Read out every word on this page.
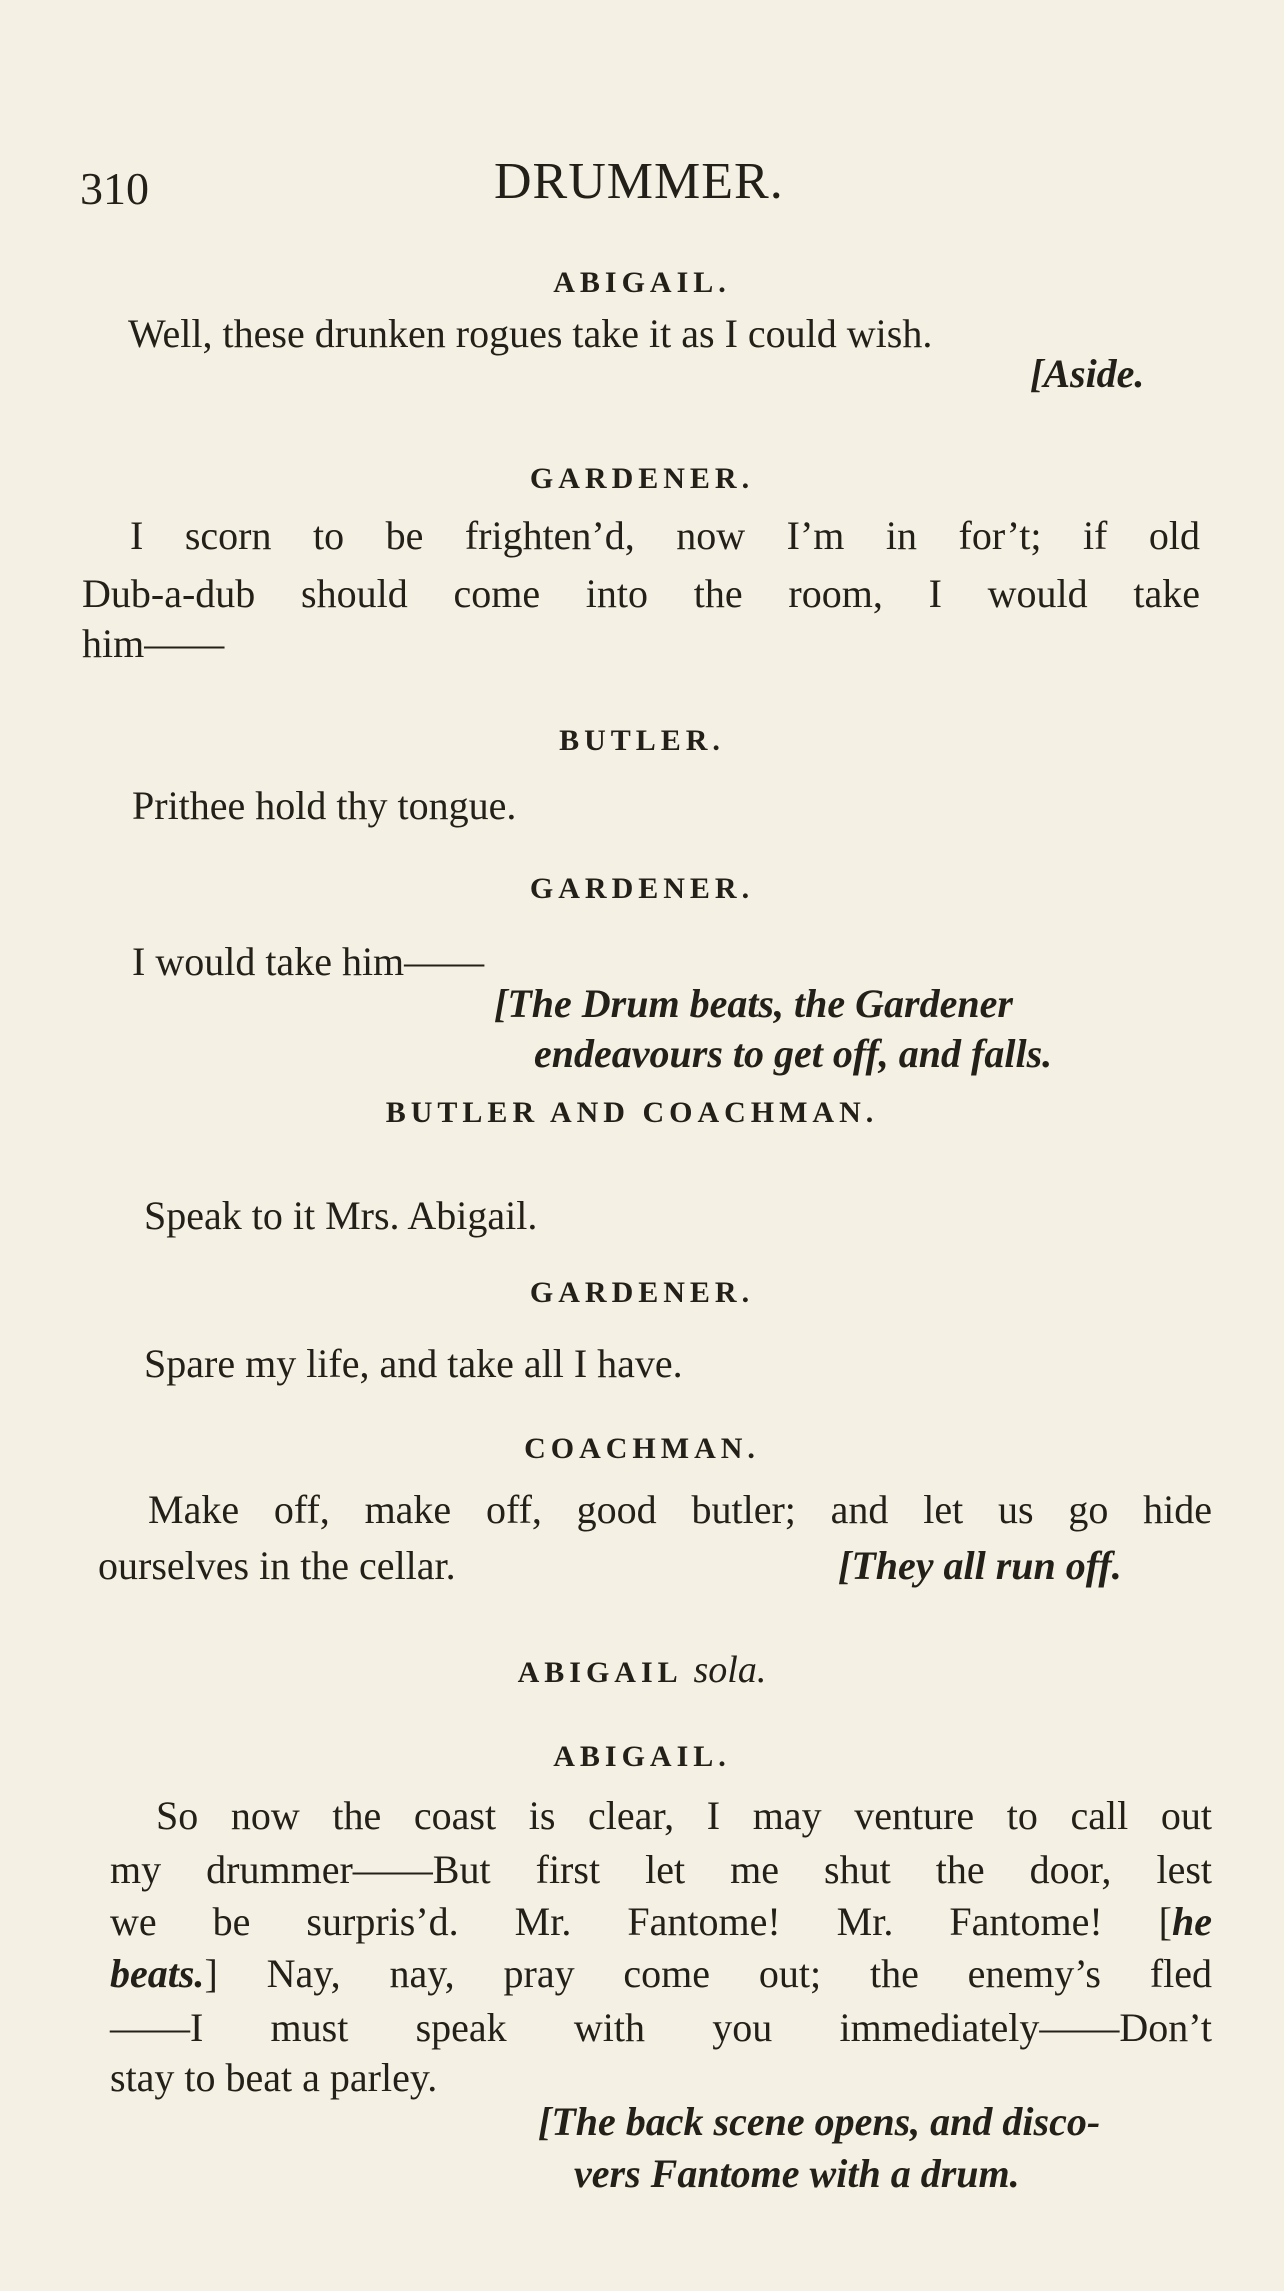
310	DRUMMER.
ABIGAIL.
Well, these drunken rogues take it as I could wish.
[Aside.
GARDENER.
I scorn to be frighten’d, now I’m in for’t; if old
Dub-a-dub should come into the room, I would take
him——
BUTLER.
Prithee hold thy tongue.
GARDENER.
I would take him——
[The Drum beats, the Gardener
endeavours to get off, and falls.
BUTLER AND COACHMAN.
Speak to it Mrs. Abigail.
GARDENER.
Spare my life, and take all I have.
COACHMAN.
Make off, make off, good butler; and let us go hide
ourselves in the cellar.	[They all run off.
ABIGAIL sola.
ABIGAIL.
So now the coast is clear, I may venture to call out
my drummer——But first let me shut the door, lest
we be surpris’d. Mr. Fantome! Mr. Fantome! [he
beats.] Nay, nay, pray come out; the enemy’s fled
——I must speak with you immediately——Don’t
stay to beat a parley.
[The back scene opens, and disco-
vers Fantome with a drum.
